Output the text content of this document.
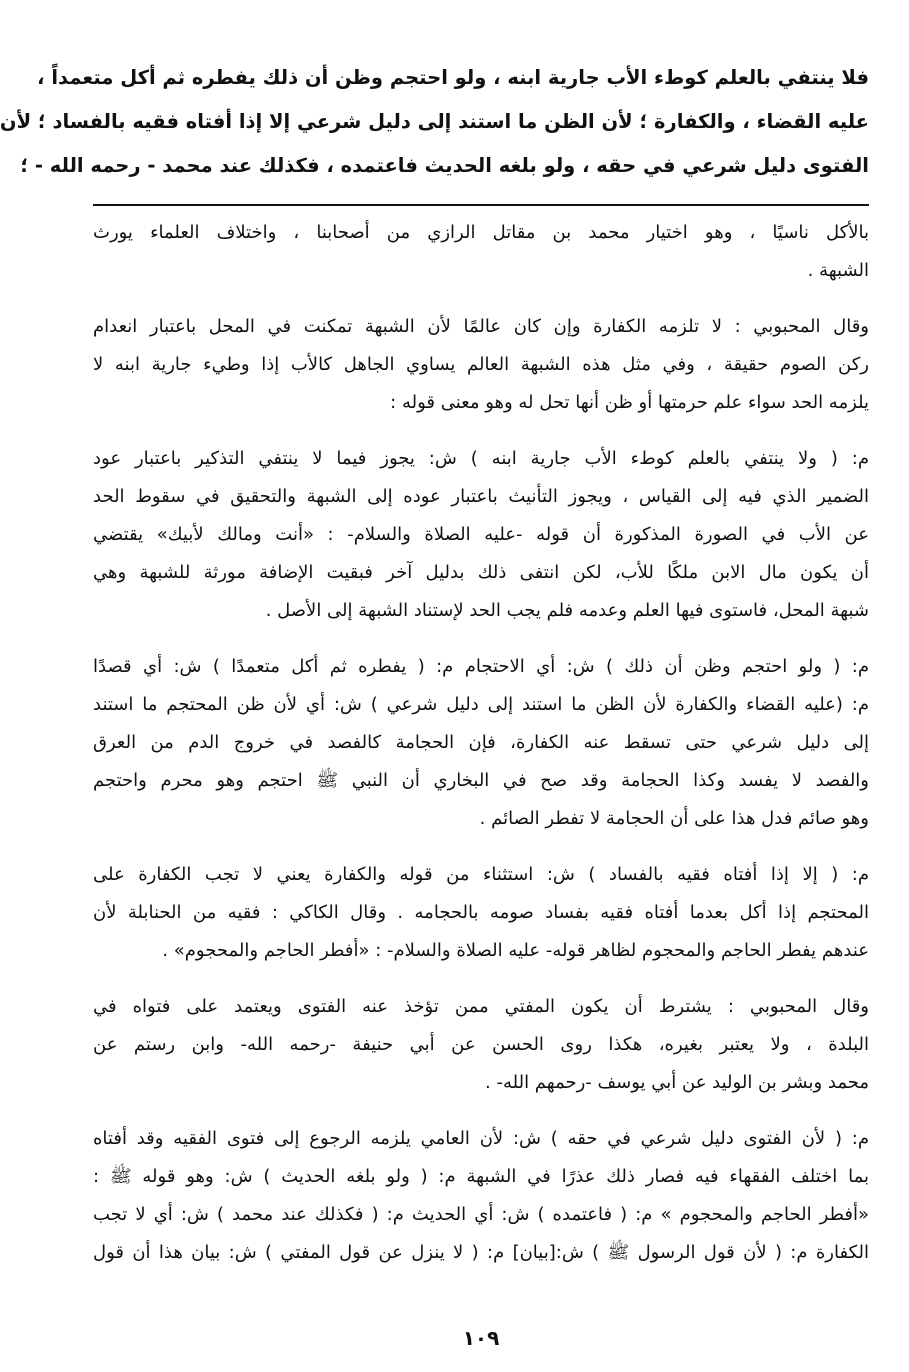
فلا ينتفي بالعلم كوطء الأب جارية ابنه ، ولو احتجم وظن أن ذلك يفطره ثم أكل متعمداً ،
عليه القضاء ، والكفارة ؛ لأن الظن ما استند إلى دليل شرعي إلا إذا أفتاه فقيه بالفساد ؛ لأن
الفتوى دليل شرعي في حقه ، ولو بلغه الحديث فاعتمده ، فكذلك عند محمد - رحمه الله - ؛

بالأكل ناسيًا ، وهو اختيار محمد بن مقاتل الرازي من أصحابنا ، واختلاف العلماء يورث
الشبهة .

وقال المحبوبي : لا تلزمه الكفارة وإن كان عالمًا لأن الشبهة تمكنت في المحل باعتبار انعدام
ركن الصوم حقيقة ، وفي مثل هذه الشبهة العالم يساوي الجاهل كالأب إذا وطيء جارية ابنه لا
يلزمه الحد سواء علم حرمتها أو ظن أنها تحل له وهو معنى قوله :

م: ( ولا ينتفي بالعلم كوطء الأب جارية ابنه ) ش: يجوز فيما لا ينتفي التذكير باعتبار عود
الضمير الذي فيه إلى القياس ، ويجوز التأنيث باعتبار عوده إلى الشبهة والتحقيق في سقوط الحد
عن الأب في الصورة المذكورة أن قوله -عليه الصلاة والسلام- : «أنت ومالك لأبيك» يقتضي
أن يكون مال الابن ملكًا للأب، لكن انتفى ذلك بدليل آخر فبقيت الإضافة مورثة للشبهة وهي
شبهة المحل، فاستوى فيها العلم وعدمه فلم يجب الحد لإستناد الشبهة إلى الأصل .

م: ( ولو احتجم وظن أن ذلك ) ش: أي الاحتجام م: ( يفطره ثم أكل متعمدًا ) ش: أي قصدًا
م: (عليه القضاء والكفارة لأن الظن ما استند إلى دليل شرعي ) ش: أي لأن ظن المحتجم ما استند
إلى دليل شرعي حتى تسقط عنه الكفارة، فإن الحجامة كالفصد في خروج الدم من العرق
والفصد لا يفسد وكذا الحجامة وقد صح في البخاري أن النبي ﷺ احتجم وهو محرم واحتجم
وهو صائم فدل هذا على أن الحجامة لا تفطر الصائم .

م: ( إلا إذا أفتاه فقيه بالفساد ) ش: استثناء من قوله والكفارة يعني لا تجب الكفارة على
المحتجم إذا أكل بعدما أفتاه فقيه بفساد صومه بالحجامه . وقال الكاكي : فقيه من الحنابلة لأن
عندهم يفطر الحاجم والمحجوم لظاهر قوله- عليه الصلاة والسلام- : «أفطر الحاجم والمحجوم» .

وقال المحبوبي : يشترط أن يكون المفتي ممن تؤخذ عنه الفتوى ويعتمد على فتواه في
البلدة ، ولا يعتبر بغيره، هكذا روى الحسن عن أبي حنيفة -رحمه الله- وابن رستم عن
محمد وبشر بن الوليد عن أبي يوسف -رحمهم الله- .

م: ( لأن الفتوى دليل شرعي في حقه ) ش: لأن العامي يلزمه الرجوع إلى فتوى الفقيه وقد أفتاه
بما اختلف الفقهاء فيه فصار ذلك عذرًا في الشبهة م: ( ولو بلغه الحديث ) ش: وهو قوله ﷺ :
«أفطر الحاجم والمحجوم » م: ( فاعتمده ) ش: أي الحديث م: ( فكذلك عند محمد ) ش: أي لا تجب
الكفارة م: ( لأن قول الرسول ﷺ ) ش:[بيان] م: ( لا ينزل عن قول المفتي ) ش: بيان هذا أن قول

١٠٩
